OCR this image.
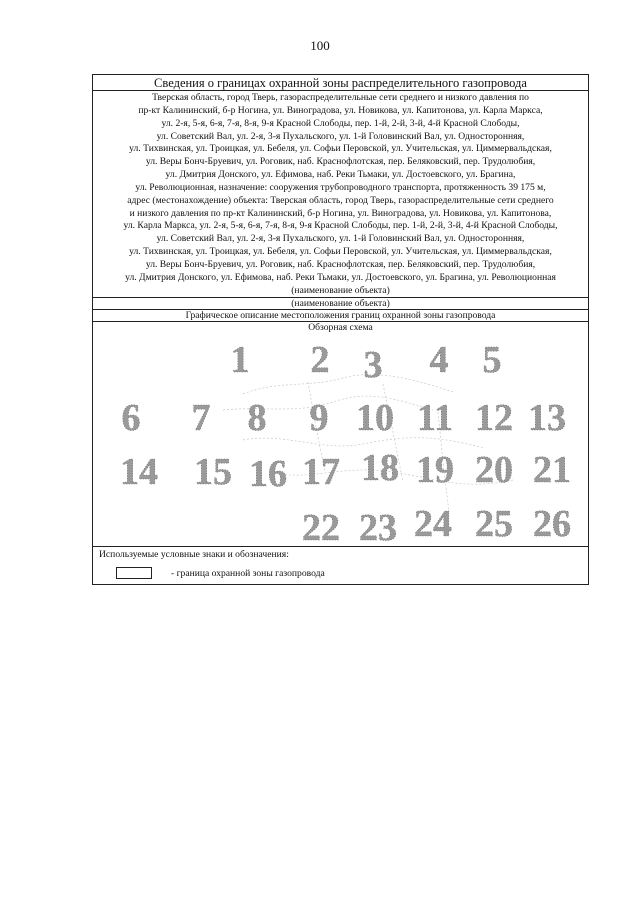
100
Сведения о границах охранной зоны распределительного газопровода

Тверская область, город Тверь, газораспределительные сети среднего и низкого давления по

пр-кт Калининский, б-р Ногина, ул. Виноградова, ул. Новикова, ул. Капитонова, ул. Карла Маркса,

ул. 2-я, 5-я, 6-я, 7-я, 8-я, 9-я Красной Слободы, пер. 1-й, 2-й, 3-й, 4-й Красной Слободы,

ул. Советский Вал, ул. 2-я, 3-я Пухальского, ул. 1-й Головинский Вал, ул. Односторонняя,

ул. Тихвинская, ул. Троицкая, ул. Бебеля, ул. Софьи Перовской, ул. Учительская, ул. Циммервальдская,

ул. Веры Бонч-Бруевич, ул. Роговик, наб. Краснофлотская, пер. Беляковский, пер. Трудолюбия,

ул. Дмитрия Донского, ул. Ефимова, наб. Реки Тьмаки, ул. Достоевского, ул. Брагина,

ул. Революционная, назначение: сооружения трубопроводного транспорта, протяженность 39 175 м,

адрес (местонахождение) объекта: Тверская область, город Тверь, газораспределительные сети среднего

и низкого давления по пр-кт Калининский, б-р Ногина, ул. Виноградова, ул. Новикова, ул. Капитонова,

ул. Карла Маркса, ул. 2-я, 5-я, 6-я, 7-я, 8-я, 9-я Красной Слободы, пер. 1-й, 2-й, 3-й, 4-й Красной Слободы,

ул. Советский Вал, ул. 2-я, 3-я Пухальского, ул. 1-й Головинский Вал, ул. Односторонняя,

ул. Тихвинская, ул. Троицкая, ул. Бебеля, ул. Софьи Перовской, ул. Учительская, ул. Циммервальдская,

ул. Веры Бонч-Бруевич, ул. Роговик, наб. Краснофлотская, пер. Беляковский, пер. Трудолюбия,

ул. Дмитрия Донского, ул. Ефимова, наб. Реки Тьмаки, ул. Достоевского, ул. Брагина, ул. Революционная

(наименование объекта)
(наименование объекта)
Графическое описание местоположения границ охранной зоны газопровода
Обзорная схема
1 2 3 4 5
6 7 8 9 10 11 12 13
14 15 16 17 18 19 20 21
22 23 24 25 26
Используемые условные знаки и обозначения:
- граница охранной зоны газопровода
